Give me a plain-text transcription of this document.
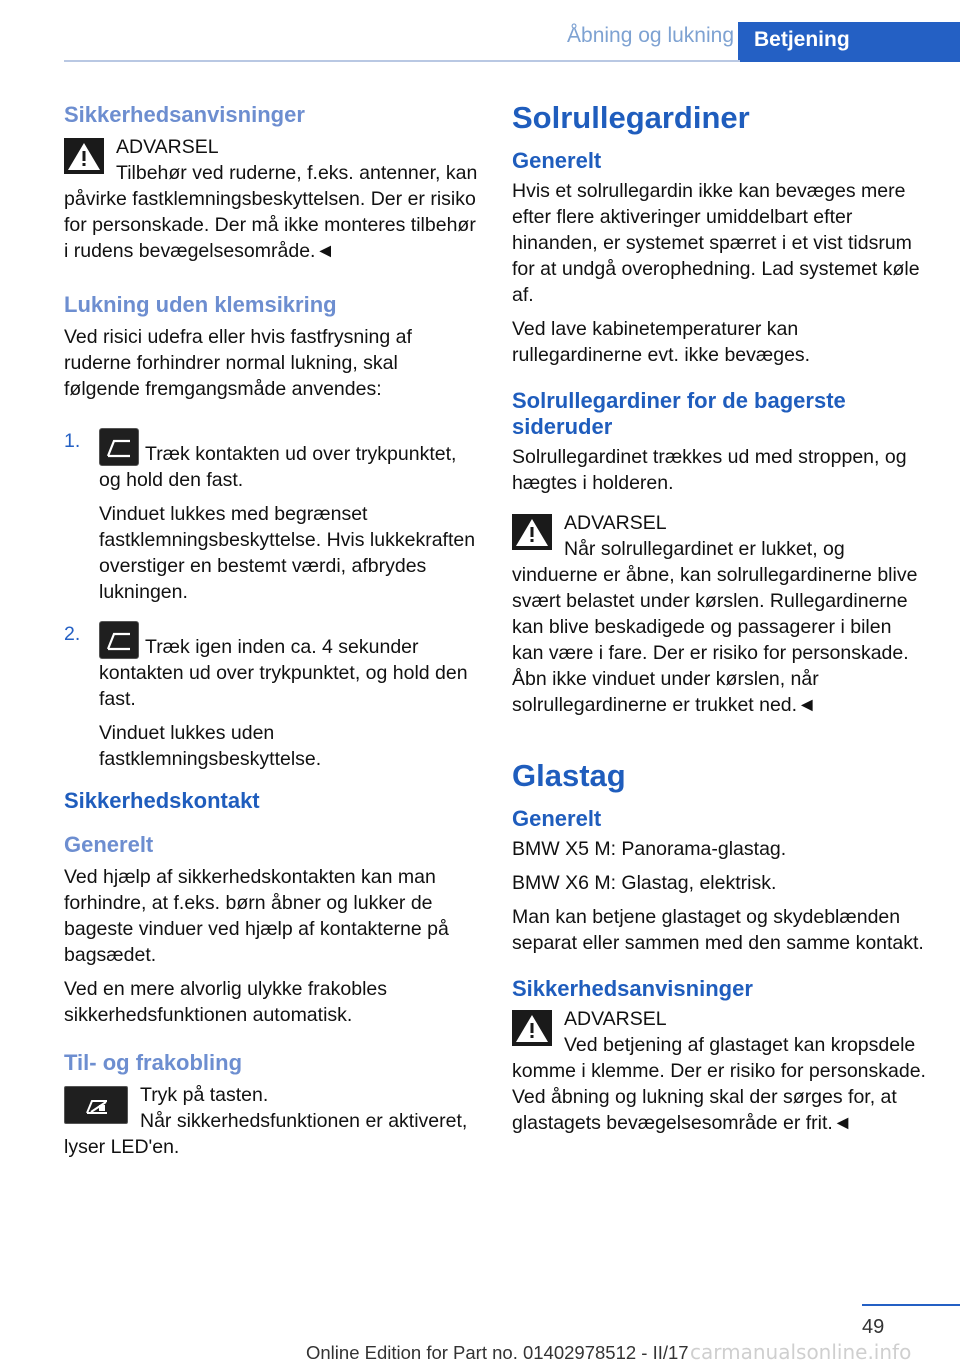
Åbning og lukning Betjening
Sikkerhedsanvisninger

ADVARSEL
Tilbehør ved ruderne, f.eks. antenner, kan påvirke fastklemningsbeskyttelsen. Der er risiko for personskade. Der må ikke monteres tilbehør i rudens bevægelsesområde.◄

Lukning uden klemsikring

Ved risici udefra eller hvis fastfrysning af ruderne forhindrer normal lukning, skal følgende fremgangsmåde anvendes:

1.

Træk kontakten ud over trykpunktet, og hold den fast.

Vinduet lukkes med begrænset fastklemningsbeskyttelse. Hvis lukkekraften overstiger en bestemt værdi, afbrydes lukningen.

2.

Træk igen inden ca. 4 sekunder kontakten ud over trykpunktet, og hold den fast.

Vinduet lukkes uden fastklemningsbeskyttelse.

Sikkerhedskontakt
Generelt

Ved hjælp af sikkerhedskontakten kan man forhindre, at f.eks. børn åbner og lukker de bageste vinduer ved hjælp af kontakterne på bagsædet.

Ved en mere alvorlig ulykke frakobles sikkerhedsfunktionen automatisk.

Til- og frakobling

Tryk på tasten.
Når sikkerhedsfunktionen er aktiveret, lyser LED'en.

Solrullegardiner
Generelt

Hvis et solrullegardin ikke kan bevæges mere efter flere aktiveringer umiddelbart efter hinanden, er systemet spærret i et vist tidsrum for at undgå overophedning. Lad systemet køle af.

Ved lave kabinetemperaturer kan rullegardinerne evt. ikke bevæges.

Solrullegardiner for de bagerste sideruder

Solrullegardinet trækkes ud med stroppen, og hægtes i holderen.

ADVARSEL
Når solrullegardinet er lukket, og vinduerne er åbne, kan solrullegardinerne blive svært belastet under kørslen. Rullegardinerne kan blive beskadigede og passagerer i bilen kan være i fare. Der er risiko for personskade. Åbn ikke vinduet under kørslen, når solrullegardinerne er trukket ned.◄

Glastag
Generelt

BMW X5 M: Panorama-glastag.

BMW X6 M: Glastag, elektrisk.

Man kan betjene glastaget og skydeblænden separat eller sammen med den samme kontakt.

Sikkerhedsanvisninger

ADVARSEL
Ved betjening af glastaget kan kropsdele komme i klemme. Der er risiko for personskade. Ved åbning og lukning skal der sørges for, at glastagets bevægelsesområde er frit.◄

49
Online Edition for Part no. 01402978512 - II/17 carmanualsonline.info
